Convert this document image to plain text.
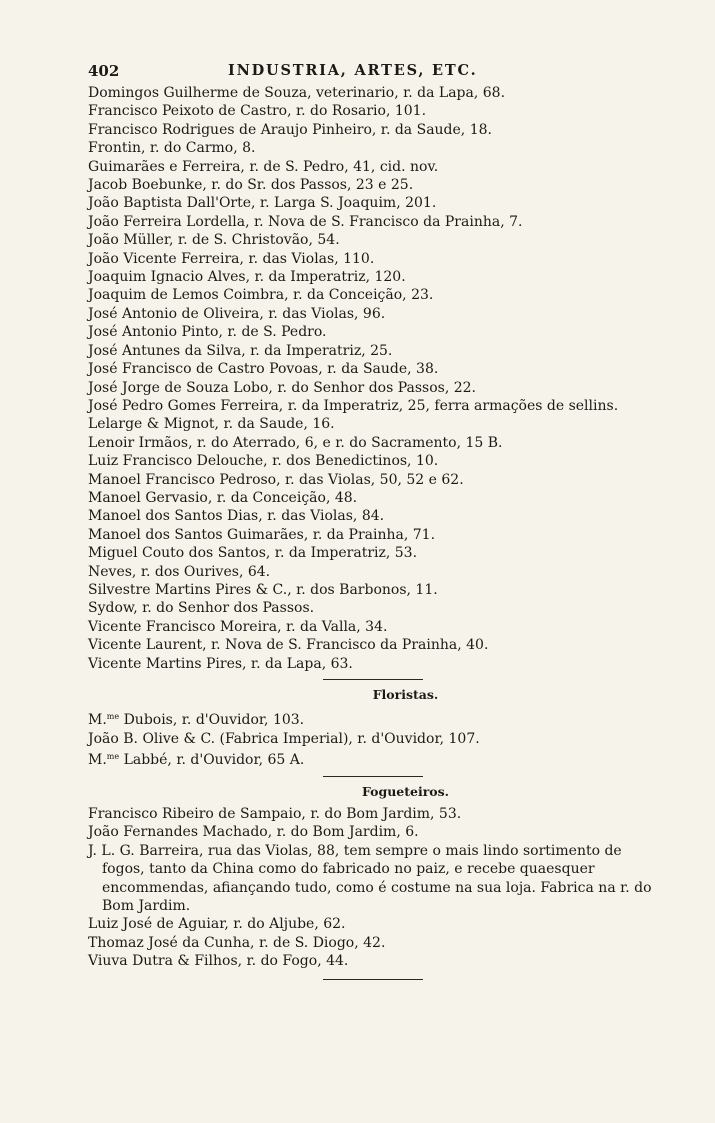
402	INDUSTRIA, ARTES, ETC.

Domingos Guilherme de Souza, veterinario, r. da Lapa, 68.

Francisco Peixoto de Castro, r. do Rosario, 101.

Francisco Rodrigues de Araujo Pinheiro, r. da Saude, 18.

Frontin, r. do Carmo, 8.

Guimarães e Ferreira, r. de S. Pedro, 41, cid. nov.

Jacob Boebunke, r. do Sr. dos Passos, 23 e 25.

João Baptista Dall'Orte, r. Larga S. Joaquim, 201.

João Ferreira Lordella, r. Nova de S. Francisco da Prainha, 7.

João Müller, r. de S. Christovão, 54.

João Vicente Ferreira, r. das Violas, 110.

Joaquim Ignacio Alves, r. da Imperatriz, 120.

Joaquim de Lemos Coimbra, r. da Conceição, 23.

José Antonio de Oliveira, r. das Violas, 96.

José Antonio Pinto, r. de S. Pedro.

José Antunes da Silva, r. da Imperatriz, 25.

José Francisco de Castro Povoas, r. da Saude, 38.

José Jorge de Souza Lobo, r. do Senhor dos Passos, 22.

José Pedro Gomes Ferreira, r. da Imperatriz, 25, ferra armações de sellins.

Lelarge & Mignot, r. da Saude, 16.

Lenoir Irmãos, r. do Aterrado, 6, e r. do Sacramento, 15 B.

Luiz Francisco Delouche, r. dos Benedictinos, 10.

Manoel Francisco Pedroso, r. das Violas, 50, 52 e 62.

Manoel Gervasio, r. da Conceição, 48.

Manoel dos Santos Dias, r. das Violas, 84.

Manoel dos Santos Guimarães, r. da Prainha, 71.

Miguel Couto dos Santos, r. da Imperatriz, 53.

Neves, r. dos Ourives, 64.

Silvestre Martins Pires & C., r. dos Barbonos, 11.

Sydow, r. do Senhor dos Passos.

Vicente Francisco Moreira, r. da Valla, 34.

Vicente Laurent, r. Nova de S. Francisco da Prainha, 40.

Vicente Martins Pires, r. da Lapa, 63.

Floristas.

M.$^{me}$ Dubois, r. d'Ouvidor, 103.

João B. Olive & C. (Fabrica Imperial), r. d'Ouvidor, 107.

M.$^{me}$ Labbé, r. d'Ouvidor, 65 A.

Fogueteiros.

Francisco Ribeiro de Sampaio, r. do Bom Jardim, 53.

João Fernandes Machado, r. do Bom Jardim, 6.

J. L. G. Barreira, rua das Violas, 88, tem sempre o mais lindo sortimento de fogos, tanto da China como do fabricado no paiz, e recebe quaesquer encommendas, afiançando tudo, como é costume na sua loja. Fabrica na r. do Bom Jardim.

Luiz José de Aguiar, r. do Aljube, 62.

Thomaz José da Cunha, r. de S. Diogo, 42.

Viuva Dutra & Filhos, r. do Fogo, 44.
